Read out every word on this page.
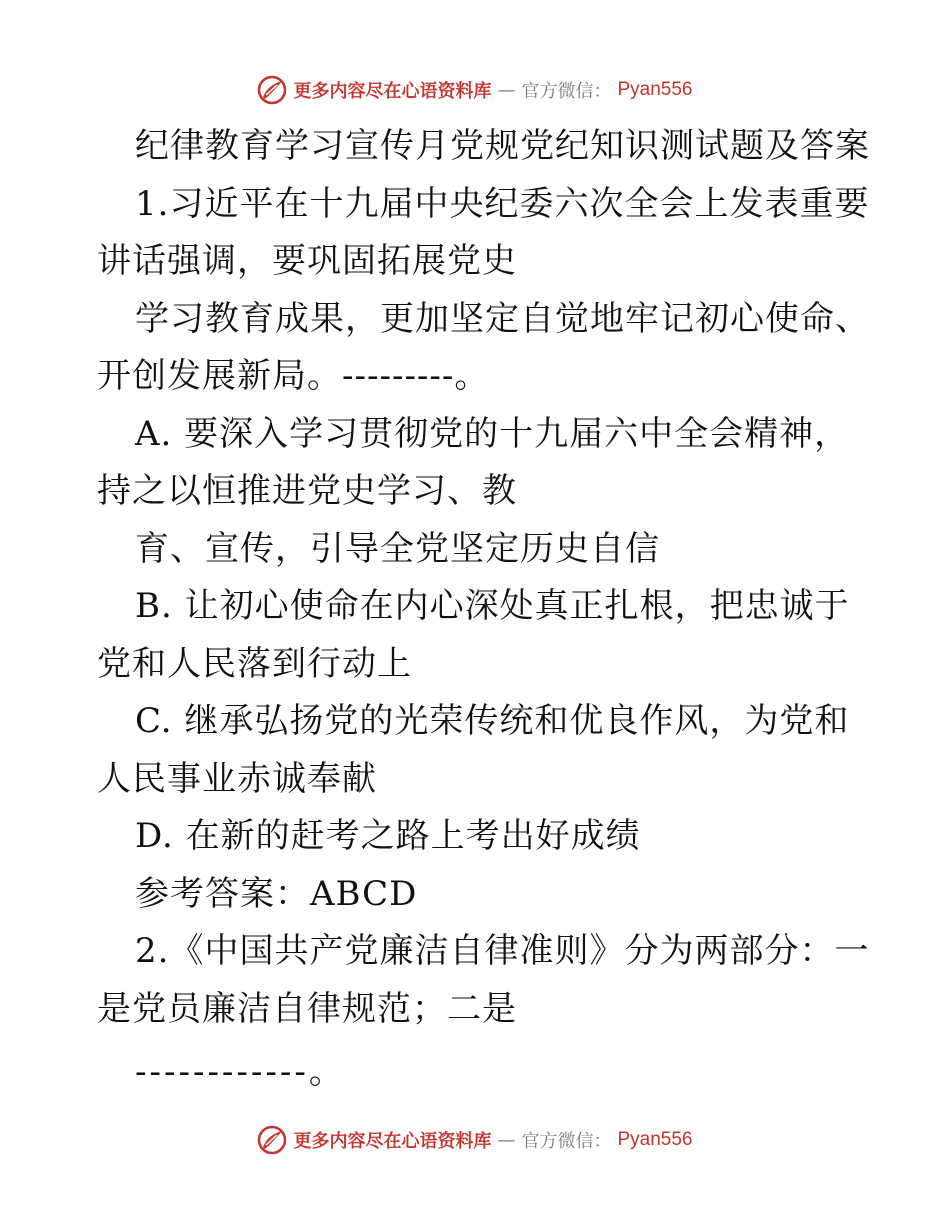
更多内容尽在心语资料库 — 官方微信： Pyan556

纪律教育学习宣传月党规党纪知识测试题及答案

1.习近平在十九届中央纪委六次全会上发表重要

讲话强调，要巩固拓展党史

学习教育成果，更加坚定自觉地牢记初心使命、

开创发展新局。---------。

A. 要深入学习贯彻党的十九届六中全会精神，

持之以恒推进党史学习、教

育、宣传，引导全党坚定历史自信

B. 让初心使命在内心深处真正扎根，把忠诚于

党和人民落到行动上

C. 继承弘扬党的光荣传统和优良作风，为党和

人民事业赤诚奉献

D. 在新的赶考之路上考出好成绩

参考答案：ABCD

2.《中国共产党廉洁自律准则》分为两部分：一

是党员廉洁自律规范；二是

------------。

更多内容尽在心语资料库 — 官方微信： Pyan556
